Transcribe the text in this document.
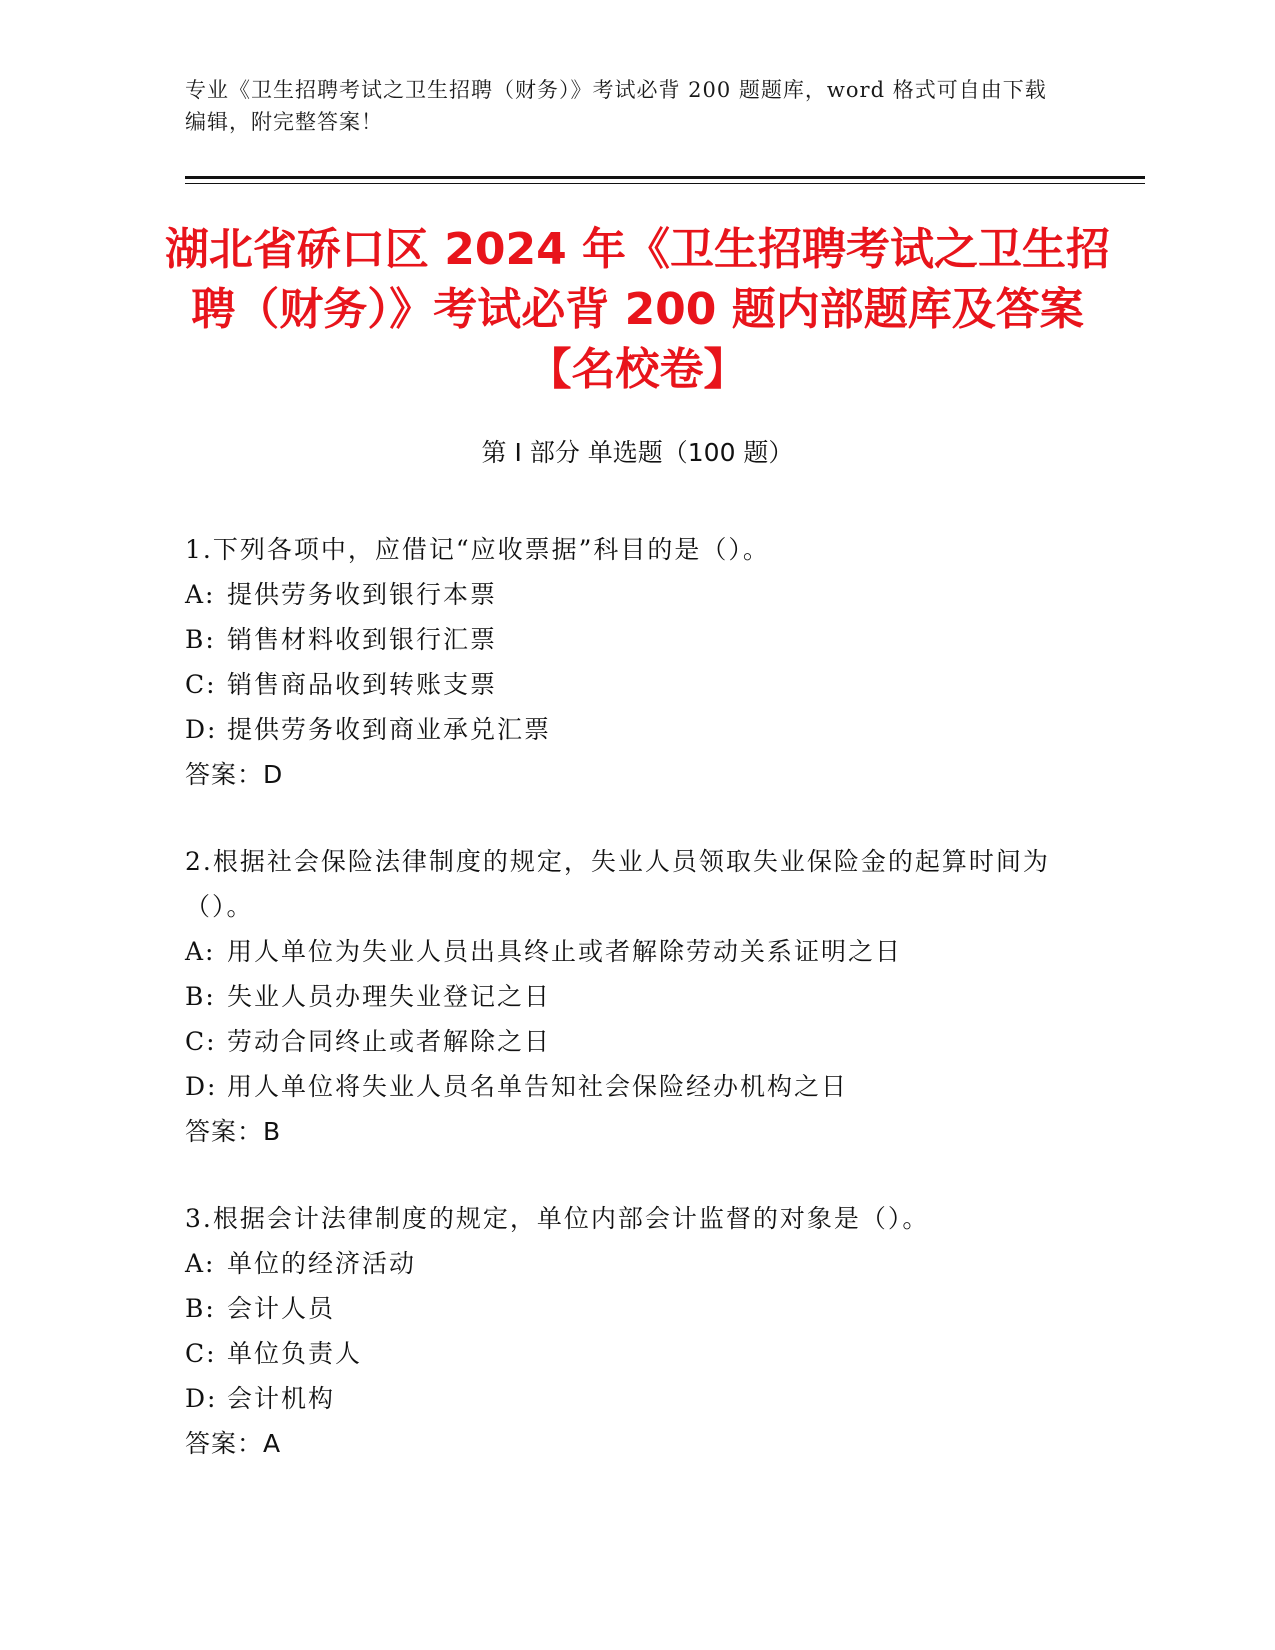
专业《卫生招聘考试之卫生招聘（财务）》考试必背 200 题题库，word 格式可自由下载编辑，附完整答案！
湖北省硚口区 2024 年《卫生招聘考试之卫生招聘（财务）》考试必背 200 题内部题库及答案【名校卷】
第 I 部分 单选题（100 题）
1.下列各项中，应借记“应收票据”科目的是（）。
A: 提供劳务收到银行本票
B: 销售材料收到银行汇票
C: 销售商品收到转账支票
D: 提供劳务收到商业承兑汇票
答案：D
2.根据社会保险法律制度的规定，失业人员领取失业保险金的起算时间为（）。
A: 用人单位为失业人员出具终止或者解除劳动关系证明之日
B: 失业人员办理失业登记之日
C: 劳动合同终止或者解除之日
D: 用人单位将失业人员名单告知社会保险经办机构之日
答案：B
3.根据会计法律制度的规定，单位内部会计监督的对象是（）。
A: 单位的经济活动
B: 会计人员
C: 单位负责人
D: 会计机构
答案：A
